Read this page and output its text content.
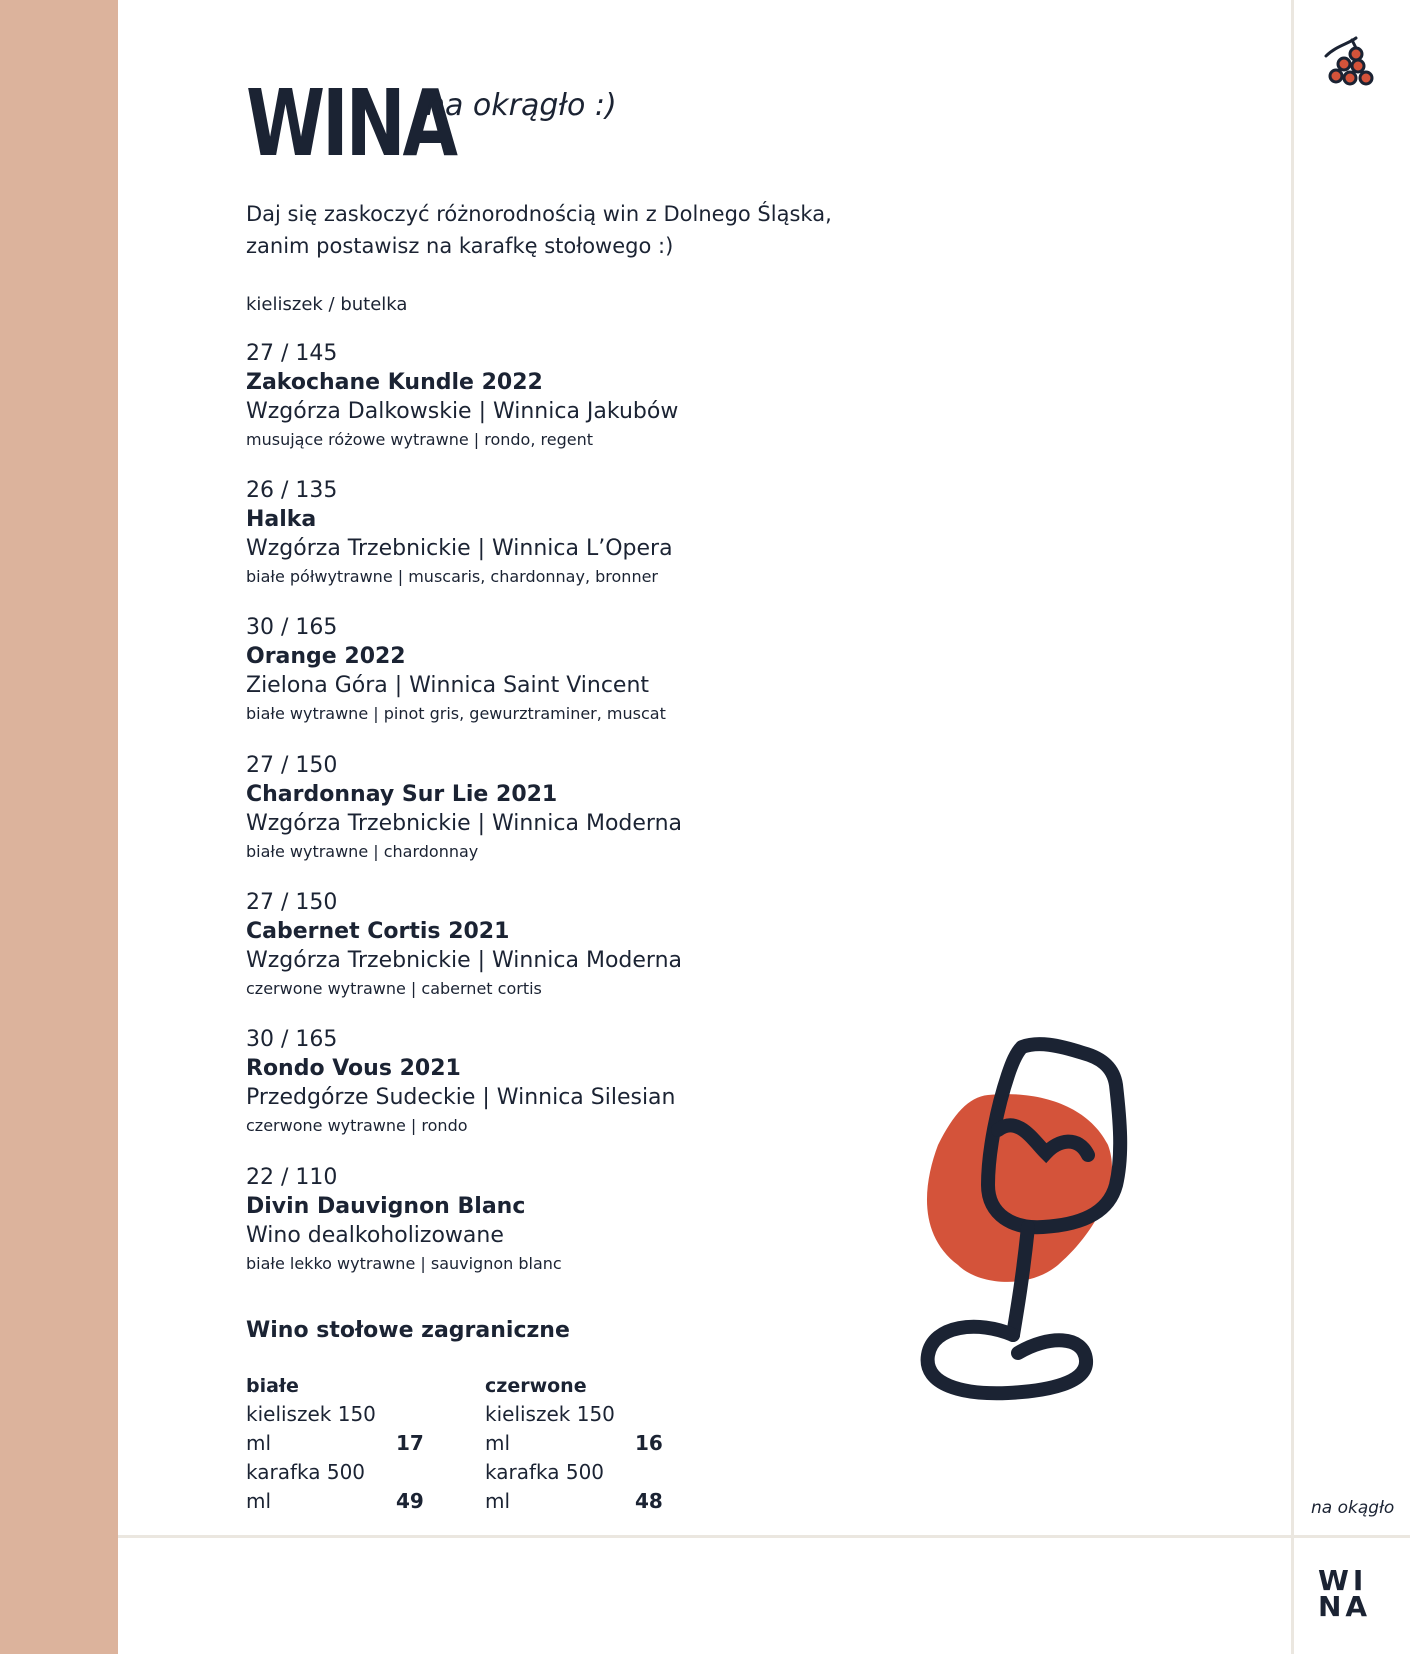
WINA
na okrągło :)
Daj się zaskoczyć różnorodnością win z Dolnego Śląska,
zanim postawisz na karafkę stołowego :)
kieliszek / butelka
27 / 145
Zakochane Kundle 2022
Wzgórza Dalkowskie | Winnica Jakubów
musujące różowe wytrawne | rondo, regent
26 / 135
Halka
Wzgórza Trzebnickie | Winnica L’Opera
białe półwytrawne | muscaris, chardonnay, bronner
30 / 165
Orange 2022
Zielona Góra | Winnica Saint Vincent
białe wytrawne | pinot gris, gewurztraminer, muscat
27 / 150
Chardonnay Sur Lie 2021
Wzgórza Trzebnickie | Winnica Moderna
białe wytrawne | chardonnay
27 / 150
Cabernet Cortis 2021
Wzgórza Trzebnickie | Winnica Moderna
czerwone wytrawne | cabernet cortis
30 / 165
Rondo Vous 2021
Przedgórze Sudeckie | Winnica Silesian
czerwone wytrawne | rondo
22 / 110
Divin Dauvignon Blanc
Wino dealkoholizowane
białe lekko wytrawne | sauvignon blanc
Wino stołowe zagraniczne
białe
kieliszek 150 ml	17
karafka 500 ml	49
czerwone
kieliszek 150 ml	16
karafka 500 ml	48	na okągło
WI
NA
